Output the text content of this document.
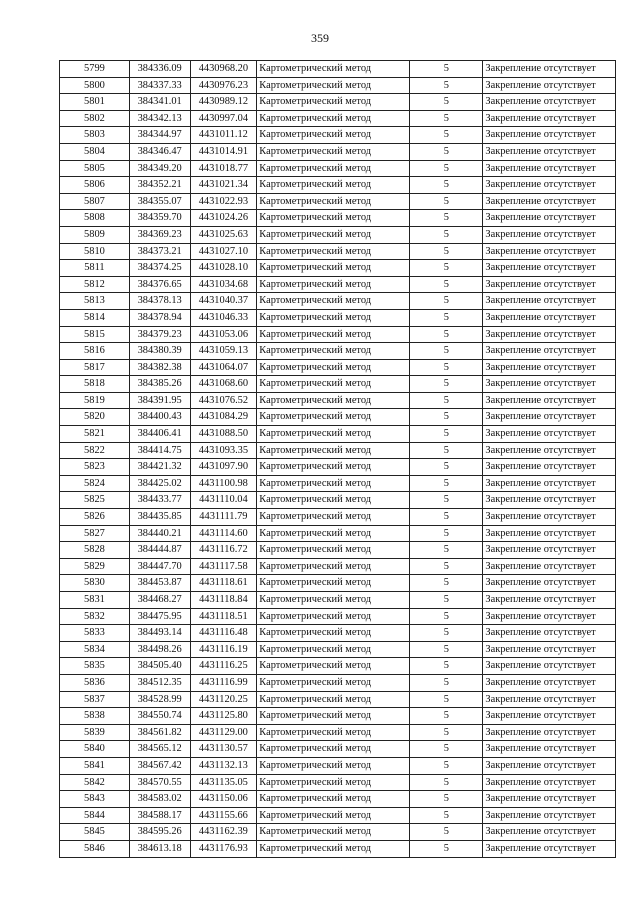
359
5799	384336.09	4430968.20	Картометрический метод	5	Закрепление отсутствует
5800	384337.33	4430976.23	Картометрический метод	5	Закрепление отсутствует
5801	384341.01	4430989.12	Картометрический метод	5	Закрепление отсутствует
5802	384342.13	4430997.04	Картометрический метод	5	Закрепление отсутствует
5803	384344.97	4431011.12	Картометрический метод	5	Закрепление отсутствует
5804	384346.47	4431014.91	Картометрический метод	5	Закрепление отсутствует
5805	384349.20	4431018.77	Картометрический метод	5	Закрепление отсутствует
5806	384352.21	4431021.34	Картометрический метод	5	Закрепление отсутствует
5807	384355.07	4431022.93	Картометрический метод	5	Закрепление отсутствует
5808	384359.70	4431024.26	Картометрический метод	5	Закрепление отсутствует
5809	384369.23	4431025.63	Картометрический метод	5	Закрепление отсутствует
5810	384373.21	4431027.10	Картометрический метод	5	Закрепление отсутствует
5811	384374.25	4431028.10	Картометрический метод	5	Закрепление отсутствует
5812	384376.65	4431034.68	Картометрический метод	5	Закрепление отсутствует
5813	384378.13	4431040.37	Картометрический метод	5	Закрепление отсутствует
5814	384378.94	4431046.33	Картометрический метод	5	Закрепление отсутствует
5815	384379.23	4431053.06	Картометрический метод	5	Закрепление отсутствует
5816	384380.39	4431059.13	Картометрический метод	5	Закрепление отсутствует
5817	384382.38	4431064.07	Картометрический метод	5	Закрепление отсутствует
5818	384385.26	4431068.60	Картометрический метод	5	Закрепление отсутствует
5819	384391.95	4431076.52	Картометрический метод	5	Закрепление отсутствует
5820	384400.43	4431084.29	Картометрический метод	5	Закрепление отсутствует
5821	384406.41	4431088.50	Картометрический метод	5	Закрепление отсутствует
5822	384414.75	4431093.35	Картометрический метод	5	Закрепление отсутствует
5823	384421.32	4431097.90	Картометрический метод	5	Закрепление отсутствует
5824	384425.02	4431100.98	Картометрический метод	5	Закрепление отсутствует
5825	384433.77	4431110.04	Картометрический метод	5	Закрепление отсутствует
5826	384435.85	4431111.79	Картометрический метод	5	Закрепление отсутствует
5827	384440.21	4431114.60	Картометрический метод	5	Закрепление отсутствует
5828	384444.87	4431116.72	Картометрический метод	5	Закрепление отсутствует
5829	384447.70	4431117.58	Картометрический метод	5	Закрепление отсутствует
5830	384453.87	4431118.61	Картометрический метод	5	Закрепление отсутствует
5831	384468.27	4431118.84	Картометрический метод	5	Закрепление отсутствует
5832	384475.95	4431118.51	Картометрический метод	5	Закрепление отсутствует
5833	384493.14	4431116.48	Картометрический метод	5	Закрепление отсутствует
5834	384498.26	4431116.19	Картометрический метод	5	Закрепление отсутствует
5835	384505.40	4431116.25	Картометрический метод	5	Закрепление отсутствует
5836	384512.35	4431116.99	Картометрический метод	5	Закрепление отсутствует
5837	384528.99	4431120.25	Картометрический метод	5	Закрепление отсутствует
5838	384550.74	4431125.80	Картометрический метод	5	Закрепление отсутствует
5839	384561.82	4431129.00	Картометрический метод	5	Закрепление отсутствует
5840	384565.12	4431130.57	Картометрический метод	5	Закрепление отсутствует
5841	384567.42	4431132.13	Картометрический метод	5	Закрепление отсутствует
5842	384570.55	4431135.05	Картометрический метод	5	Закрепление отсутствует
5843	384583.02	4431150.06	Картометрический метод	5	Закрепление отсутствует
5844	384588.17	4431155.66	Картометрический метод	5	Закрепление отсутствует
5845	384595.26	4431162.39	Картометрический метод	5	Закрепление отсутствует
5846	384613.18	4431176.93	Картометрический метод	5	Закрепление отсутствует
